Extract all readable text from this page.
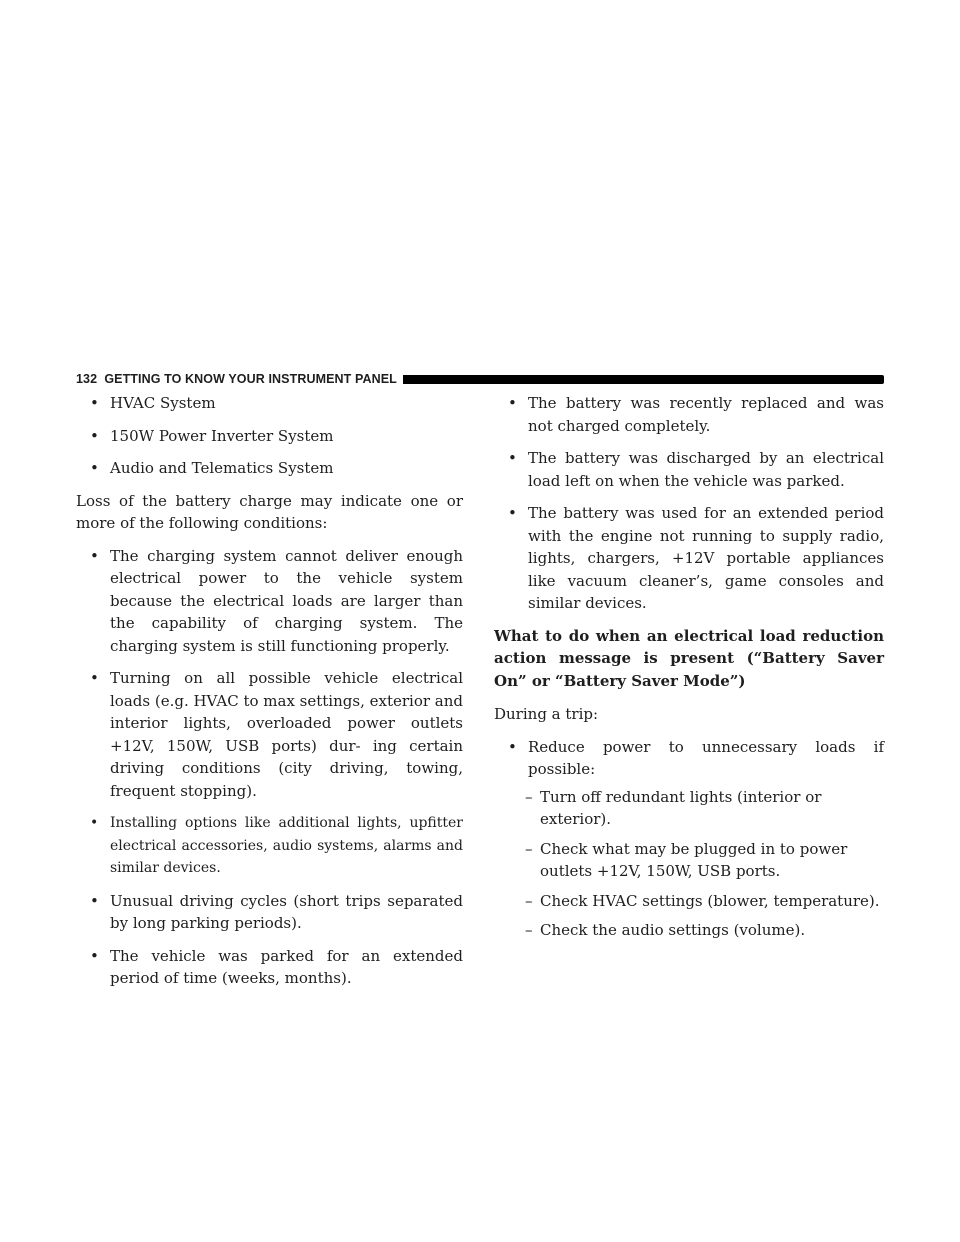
132 GETTING TO KNOW YOUR INSTRUMENT PANEL
• HVAC System
• 150W Power Inverter System
• Audio and Telematics System

Loss of the battery charge may indicate one or more of the following conditions:

• The charging system cannot deliver enough electrical power to the vehicle system because the electrical loads are larger than the capability of charging system. The charging system is still functioning properly.
• Turning on all possible vehicle electrical loads (e.g. HVAC to max settings, exterior and interior lights, overloaded power outlets +12V, 150W, USB ports) dur- ing certain driving conditions (city driving, towing, frequent stopping).
• Installing options like additional lights, upfitter electrical accessories, audio systems, alarms and similar devices.
• Unusual driving cycles (short trips separated by long parking periods).
• The vehicle was parked for an extended period of time (weeks, months).
• The battery was recently replaced and was not charged completely.
• The battery was discharged by an electrical load left on when the vehicle was parked.
• The battery was used for an extended period with the engine not running to supply radio, lights, chargers, +12V portable appliances like vacuum cleaner’s, game consoles and similar devices.

What to do when an electrical load reduction action message is present (“Battery Saver On” or “Battery Saver Mode”)

During a trip:

• Reduce power to unnecessary loads if possible:
– Turn off redundant lights (interior or exterior).
– Check what may be plugged in to power outlets +12V, 150W, USB ports.
– Check HVAC settings (blower, temperature).
– Check the audio settings (volume).
